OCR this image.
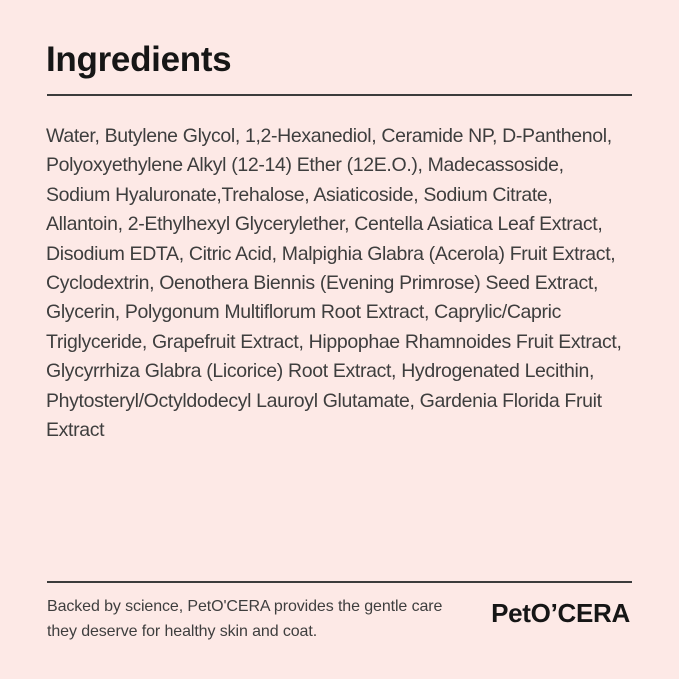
Ingredients
Water, Butylene Glycol, 1,2-Hexanediol, Ceramide NP, D-Panthenol,
Polyoxyethylene Alkyl (12-14) Ether (12E.O.), Madecassoside,
Sodium Hyaluronate,Trehalose, Asiaticoside, Sodium Citrate,
Allantoin, 2-Ethylhexyl Glycerylether, Centella Asiatica Leaf Extract,
Disodium EDTA, Citric Acid, Malpighia Glabra (Acerola) Fruit Extract,
Cyclodextrin, Oenothera Biennis (Evening Primrose) Seed Extract,
Glycerin, Polygonum Multiflorum Root Extract, Caprylic/Capric
Triglyceride, Grapefruit Extract, Hippophae Rhamnoides Fruit Extract,
Glycyrrhiza Glabra (Licorice) Root Extract, Hydrogenated Lecithin,
Phytosteryl/Octyldodecyl Lauroyl Glutamate, Gardenia Florida Fruit
Extract
Backed by science, PetO'CERA provides the gentle care
they deserve for healthy skin and coat.
PetO’CERA
